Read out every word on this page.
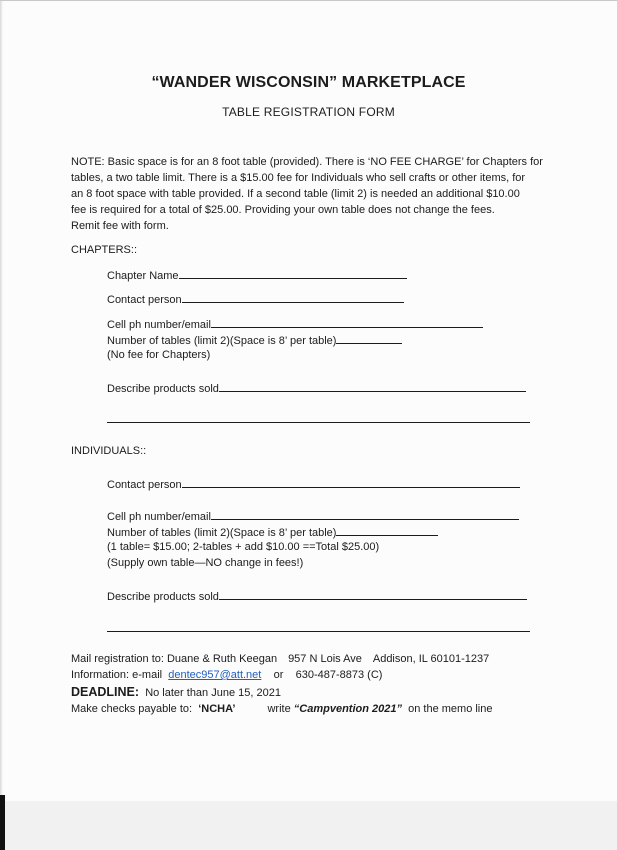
“WANDER WISCONSIN” MARKETPLACE
TABLE REGISTRATION FORM
NOTE: Basic space is for an 8 foot table (provided). There is ‘NO FEE CHARGE’ for Chapters for
tables, a two table limit. There is a $15.00 fee for Individuals who sell crafts or other items, for
an 8 foot space with table provided. If a second table (limit 2) is needed an additional $10.00
fee is required for a total of $25.00. Providing your own table does not change the fees.
Remit fee with form.
CHAPTERS::
Chapter Name
Contact person
Cell ph number/email
Number of tables (limit 2)(Space is 8’ per table)
(No fee for Chapters)
Describe products sold
INDIVIDUALS::
Contact person
Cell ph number/email
Number of tables (limit 2)(Space is 8’ per table)
(1 table= $15.00; 2-tables + add $10.00 ==Total $25.00)
(Supply own table—NO change in fees!)
Describe products sold
Mail registration to: Duane & Ruth Keegan 957 N Lois Ave Addison, IL 60101-1237
Information: e-mail dentec957@att.net or 630-487-8873 (C)
DEADLINE: No later than June 15, 2021
Make checks payable to: ‘NCHA’	write “Campvention 2021” on the memo line
